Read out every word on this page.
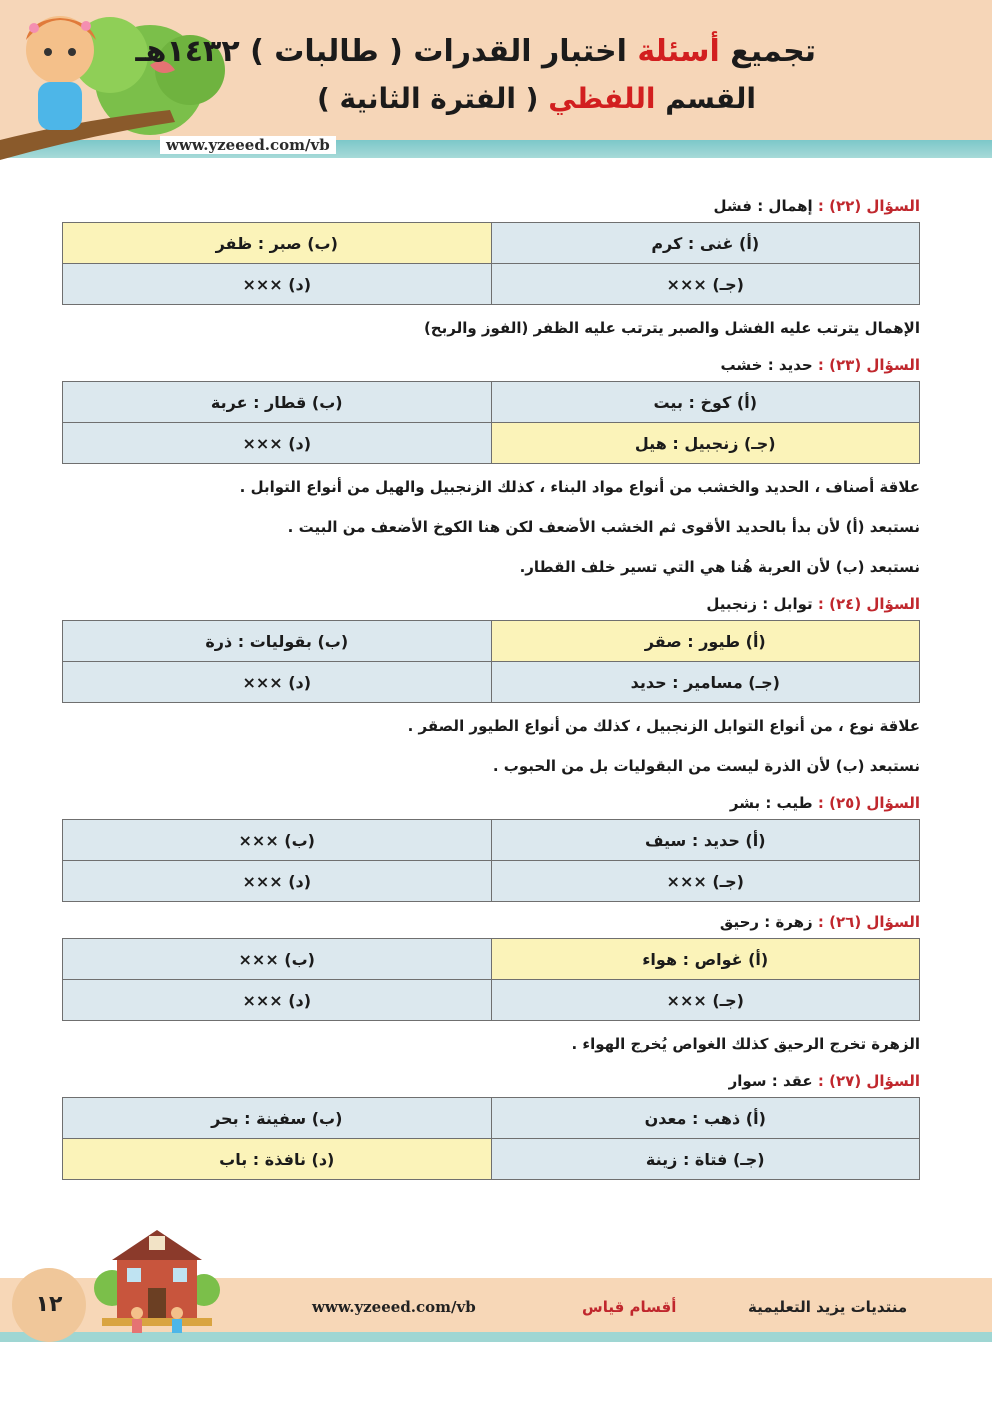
www.yzeeed.com/vb
تجميع أسئلة اختبار القدرات ( طالبات ) ١٤٣٢هـ
القسم اللفظي ( الفترة الثانية )
السؤال (٢٢) : إهمال : فشل
(أ) غنى : كرم	(ب) صبر : ظفر
(جـ) ×××	(د) ×××
الإهمال يترتب عليه الفشل والصبر يترتب عليه الظفر (الفوز والربح)
السؤال (٢٣) : حديد : خشب
(أ) كوخ : بيت	(ب) قطار : عربة
(جـ) زنجبيل : هيل	(د) ×××
علاقة أصناف ، الحديد والخشب من أنواع مواد البناء ، كذلك الزنجبيل والهيل من أنواع التوابل .
نستبعد (أ) لأن بدأ بالحديد الأقوى ثم الخشب الأضعف لكن هنا الكوخ الأضعف من البيت .
نستبعد (ب) لأن العربة هُنا هي التي تسير خلف القطار.
السؤال (٢٤) : توابل : زنجبيل
(أ) طيور : صقر	(ب) بقوليات : ذرة
(جـ) مسامير : حديد	(د) ×××
علاقة نوع ، من أنواع التوابل الزنجبيل ، كذلك من أنواع الطيور الصقر .
نستبعد (ب) لأن الذرة ليست من البقوليات بل من الحبوب .
السؤال (٢٥) : طيب : بشر
(أ) حديد : سيف	(ب) ×××
(جـ) ×××	(د) ×××
السؤال (٢٦) : زهرة : رحيق
(أ) غواص : هواء	(ب) ×××
(جـ) ×××	(د) ×××
الزهرة تخرج الرحيق كذلك الغواص يُخرج الهواء .
السؤال (٢٧) : عقد : سوار
(أ) ذهب : معدن	(ب) سفينة : بحر
(جـ) فتاة : زينة	(د) نافذة : باب
١٢	www.yzeeed.com/vb	أقسام قياس	منتديات يزيد التعليمية
